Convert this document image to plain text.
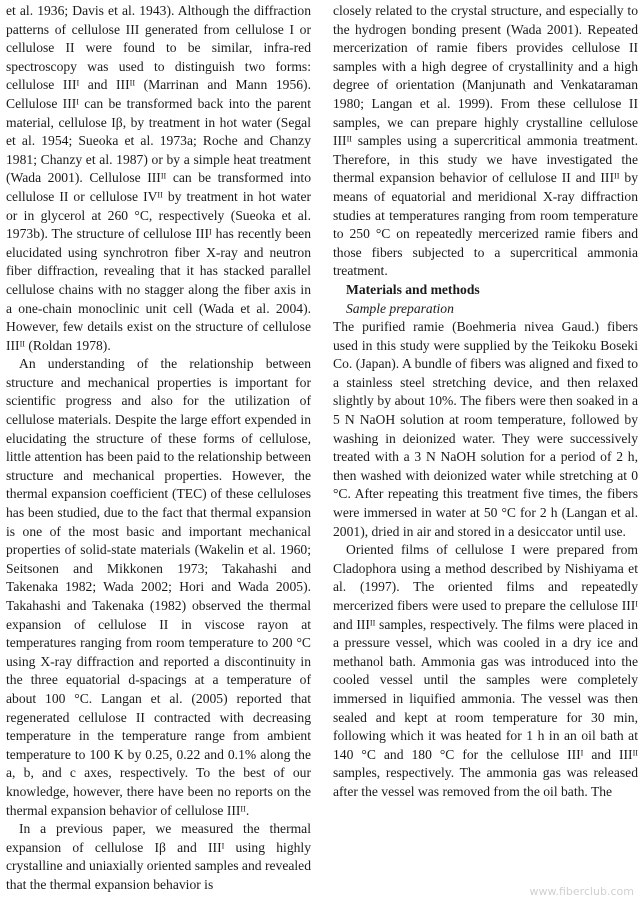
et al. 1936; Davis et al. 1943). Although the diffraction patterns of cellulose III generated from cellulose I or cellulose II were found to be similar, infra-red spectroscopy was used to distinguish two forms: cellulose IIIᴵ and IIIᴵᴵ (Marrinan and Mann 1956). Cellulose IIIᴵ can be transformed back into the parent material, cellulose Iβ, by treatment in hot water (Segal et al. 1954; Sueoka et al. 1973a; Roche and Chanzy 1981; Chanzy et al. 1987) or by a simple heat treatment (Wada 2001). Cellulose IIIᴵᴵ can be transformed into cellulose II or cellulose IVᴵᴵ by treatment in hot water or in glycerol at 260 °C, respectively (Sueoka et al. 1973b). The structure of cellulose IIIᴵ has recently been elucidated using synchrotron fiber X-ray and neutron fiber diffraction, revealing that it has stacked parallel cellulose chains with no stagger along the fiber axis in a one-chain monoclinic unit cell (Wada et al. 2004). However, few details exist on the structure of cellulose IIIᴵᴵ (Roldan 1978).

An understanding of the relationship between structure and mechanical properties is important for scientific progress and also for the utilization of cellulose materials. Despite the large effort expended in elucidating the structure of these forms of cellulose, little attention has been paid to the relationship between structure and mechanical properties. However, the thermal expansion coefficient (TEC) of these celluloses has been studied, due to the fact that thermal expansion is one of the most basic and important mechanical properties of solid-state materials (Wakelin et al. 1960; Seitsonen and Mikkonen 1973; Takahashi and Takenaka 1982; Wada 2002; Hori and Wada 2005). Takahashi and Takenaka (1982) observed the thermal expansion of cellulose II in viscose rayon at temperatures ranging from room temperature to 200 °C using X-ray diffraction and reported a discontinuity in the three equatorial d-spacings at a temperature of about 100 °C. Langan et al. (2005) reported that regenerated cellulose II contracted with decreasing temperature in the temperature range from ambient temperature to 100 K by 0.25, 0.22 and 0.1% along the a, b, and c axes, respectively. To the best of our knowledge, however, there have been no reports on the thermal expansion behavior of cellulose IIIᴵᴵ.

In a previous paper, we measured the thermal expansion of cellulose Iβ and IIIᴵ using highly crystalline and uniaxially oriented samples and revealed that the thermal expansion behavior is

closely related to the crystal structure, and especially to the hydrogen bonding present (Wada 2001). Repeated mercerization of ramie fibers provides cellulose II samples with a high degree of crystallinity and a high degree of orientation (Manjunath and Venkataraman 1980; Langan et al. 1999). From these cellulose II samples, we can prepare highly crystalline cellulose IIIᴵᴵ samples using a supercritical ammonia treatment. Therefore, in this study we have investigated the thermal expansion behavior of cellulose II and IIIᴵᴵ by means of equatorial and meridional X-ray diffraction studies at temperatures ranging from room temperature to 250 °C on repeatedly mercerized ramie fibers and those fibers subjected to a supercritical ammonia treatment.

Materials and methods

Sample preparation

The purified ramie (Boehmeria nivea Gaud.) fibers used in this study were supplied by the Teikoku Boseki Co. (Japan). A bundle of fibers was aligned and fixed to a stainless steel stretching device, and then relaxed slightly by about 10%. The fibers were then soaked in a 5 N NaOH solution at room temperature, followed by washing in deionized water. They were successively treated with a 3 N NaOH solution for a period of 2 h, then washed with deionized water while stretching at 0 °C. After repeating this treatment five times, the fibers were immersed in water at 50 °C for 2 h (Langan et al. 2001), dried in air and stored in a desiccator until use.

Oriented films of cellulose I were prepared from Cladophora using a method described by Nishiyama et al. (1997). The oriented films and repeatedly mercerized fibers were used to prepare the cellulose IIIᴵ and IIIᴵᴵ samples, respectively. The films were placed in a pressure vessel, which was cooled in a dry ice and methanol bath. Ammonia gas was introduced into the cooled vessel until the samples were completely immersed in liquified ammonia. The vessel was then sealed and kept at room temperature for 30 min, following which it was heated for 1 h in an oil bath at 140 °C and 180 °C for the cellulose IIIᴵ and IIIᴵᴵ samples, respectively. The ammonia gas was released after the vessel was removed from the oil bath. The

www.fiberclub.com
